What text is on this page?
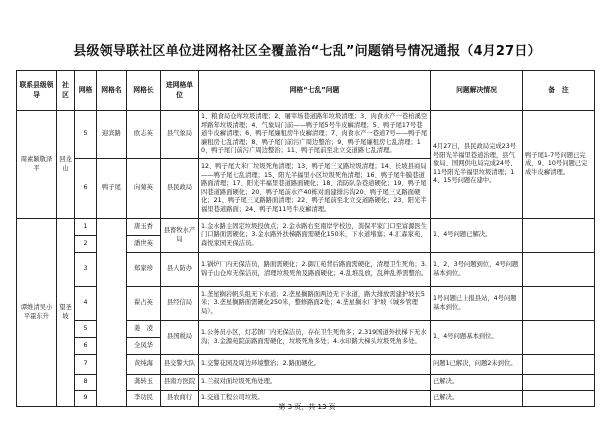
县级领导联社区单位进网格社区全覆盖治“七乱”问题销号情况通报（4月27日）
联系县级领导	社区	网格	网格名	网格长	进网格单位	网格“七乱”问题	问题解决情况	备　注
周素颖敬泽平	回龙山	5	迎宾路	欧志英	县气象局	1、粮食局仓库垃圾清理；2、屠宰场巷道路年垃圾清理；3、肉食水产一巷柏溪空坪路年垃圾清理；4、气象局门前——鸭子尾5号牛皮癣清理；5、鸭子尾17号巷道牛皮癣清理；6、鸭子尾廉租房牛皮癣清理；7、肉食水产一巷道7号——鸭子尾廉租房七乱清理；8、鸭子尾门前污广周边整治；9、鸭子尾廉租房七乱清理；10、鸭子尾门前污广周边整治；11、鸭子尾前至北立交道路七乱清理。	4月27日，县民政局完成23号号阳光半福里巷道治理，县气象局、国网供电局完成24号、11号阳光半福里垃圾清理；14、15号问题在建中。	鸭子尾1-7号问题已完成，9、10号问题已完成牛皮癣清理。
		6	鸭子尾	向菊英	县民政局	12、鸭子尾大米厂垃圾死角清理；13、鸭子尾三叉路垃圾清理；14、长坡县商局——鸭子尾七乱清理；15、阳光半福里小区垃圾死角清理；16、鸭子尾牛膜巷道路面清理；17、阳光半福里巷道路面硬化；18、消防队杂巷道硬化；19、鸭子尾四巷道路面硬化；20、鸭子尾前水产40栋对面建排污沟20、鸭子尾三叉路面硬化；21、鸭子尾三叉路路面清理；22、鸭子尾前至北立交道路硬化；23、阳光半福里巷道路面；24、鸭子尾11号牛皮癣清理。		
谭维清吴小平霍东升	望圣坡	1		唐玉香	县畜牧水产局	1.金水路主固定垃圾投放点；2.金水路右至南岸学校边，粪保平家门口至富源医生门口路面需硬化；3.金水路外扶梯路面需硬化150米，下水道堵塞；4.汇森家苑、森悦家园无保洁员。	1、4号问题已解决。	
		2		潘世英				
		3		郑家珍	县人防办	1.锅炉厂内无保洁员，路面需硬化；2.御江苑背后路面需硬化，清理卫生死角；3.锦子山仓库无保洁员，清理垃圾死角及路面硬化；4.乱堆乱放，乱种乱养需整治。	1、2、3号问题到位，4号问题基本到位。	
		4		翟占英	县经信局	1.垄星搁岩帆头组无下水道；2.垄星搁路面两边无下水道，路大排放需建护坡长5米；3.垄星搁路面需硬化250米，整修路面2处；4.垄星搁水厂护坡（城乡管理局）。	1号问题已上报县站，4号问题基本到位。	
		5		姜　凌	县国税局	1.公务员小区，灯芯镇厂内无保洁员，存在卫生死角多；2.319国道外扶梯下无水沟；3.金源苑院前路面需硬化，垃圾死角多处；4.水印路大梯头垃圾死角多处。	1、4号问题基本到位。	
		6		全凤华				
		7		黄纯海	县交警大队	1.交警花园及周边环境整治；2.路面硬化。	问题1已解决，问题2未到位。	
		8		龚转玉	县南方医院	1.兰叔对面垃圾死角处理。	已解决。	
		9		李功民	县农商行	1.交通工程公司垃圾。	已解决。	
第 3 页，共 13 页
